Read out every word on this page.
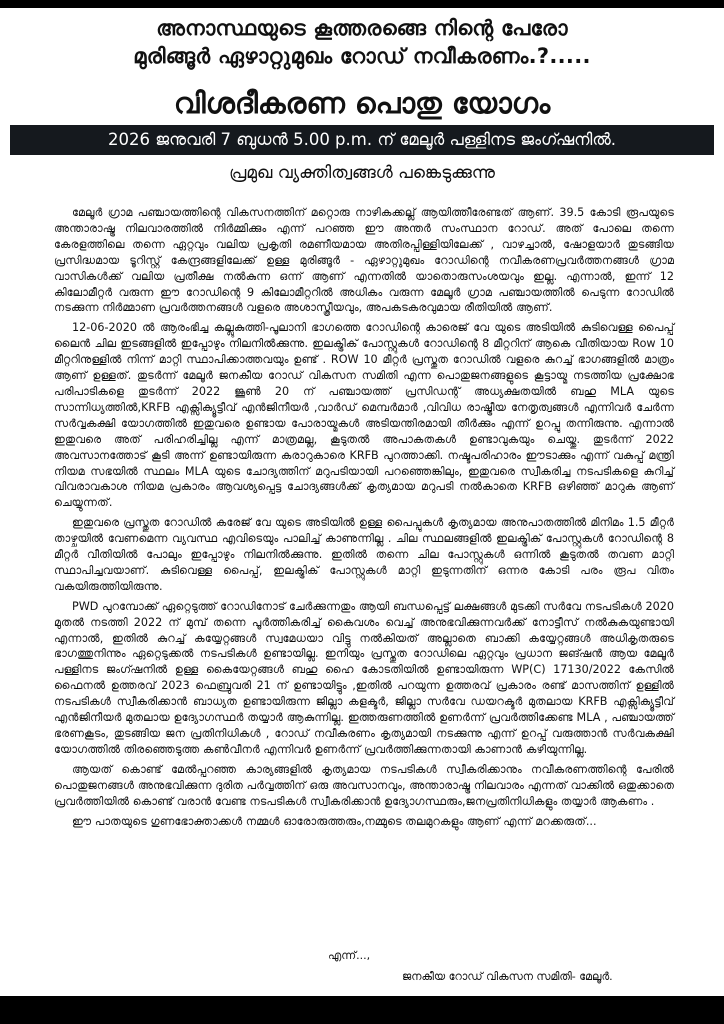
അനാസ്ഥയുടെ കൂത്തരങ്ങെ നിന്റെ പേരോ
മുരിങ്ങൂർ ഏഴാറ്റുമുഖം റോഡ് നവീകരണം.?.....
വിശദീകരണ പൊതു യോഗം
2026 ജനുവരി 7 ബുധൻ 5.00 p.m. ന് മേലൂർ പള്ളിനട ജംഗ്ഷനിൽ.
പ്രമുഖ വ്യക്തിത്വങ്ങൾ പങ്കെടുക്കുന്നു

മേലൂർ ഗ്രാമ പഞ്ചായത്തിന്റെ വികസനത്തിന് മറ്റൊരു നാഴികക്കല്ല് ആയിത്തീരേണ്ടത് ആണ്. 39.5 കോടി രൂപയുടെ അന്താരാഷ്ട്ര നിലവാരത്തിൽ നിർമ്മിക്കും എന്ന് പറഞ്ഞ ഈ അന്തർ സംസ്ഥാന റോഡ്. അത് പോലെ തന്നെ കേരളത്തിലെ തന്നെ ഏറ്റവും വലിയ പ്രകൃതി രമണീയമായ അതിരപ്പിള്ളിയിലേക്ക് , വാഴച്ചാൽ, ഷോളയാർ തുടങ്ങിയ പ്രസിദ്ധമായ ടൂറിസ്റ്റ് കേന്ദ്രങ്ങളിലേക്ക് ഉള്ള മുരിങ്ങൂർ - ഏഴാറ്റുമുഖം റോഡിന്റെ നവീകരണപ്രവർത്തനങ്ങൾ ഗ്രാമ വാസികൾക്ക് വലിയ പ്രതീക്ഷ നൽകുന്ന ഒന്ന് ആണ് എന്നതിൽ യാതൊരുസംശയവും ഇല്ല. എന്നാൽ, ഇന്ന് 12 കിലോമീറ്റർ വരുന്ന ഈ റോഡിന്റെ 9 കിലോമീറ്ററിൽ അധികം വരുന്ന മേലൂർ ഗ്രാമ പഞ്ചായത്തിൽ പെടുന്ന റോഡിൽ നടക്കുന്ന നിർമ്മാണ പ്രവർത്തനങ്ങൾ വളരെ അശാസ്ത്രീയവും, അപകടകരവുമായ രീതിയിൽ ആണ്.

12-06-2020 ൽ ആരംഭിച്ച കല്ലുകുത്തി-പൂലാനി ഭാഗത്തെ റോഡിന്റെ കാരെജ് വേ യുടെ അടിയിൽ കുടിവെള്ള പൈപ്പ് ലൈൻ ചില ഇടങ്ങളിൽ ഇപ്പോഴും നിലനിൽക്കുന്നു. ഇലക്ട്രിക് പോസ്റ്റുകൾ റോഡിന്റെ 8 മീറ്ററിന് ആകെ വീതിയായ Row 10 മീറ്ററിനുള്ളിൽ നിന്ന് മാറ്റി സ്ഥാപിക്കാത്തവയും ഉണ്ട് . ROW 10 മീറ്റർ പ്രസ്തുത റോഡിൽ വളരെ കുറച്ച് ഭാഗങ്ങളിൽ മാത്രം ആണ് ഉള്ളത്. തുടർന്ന് മേലൂർ ജനകീയ റോഡ് വികസന സമിതി എന്ന പൊതുജനങ്ങളുടെ കൂട്ടായ്മ നടത്തിയ പ്രക്ഷോഭ പരിപാടികളെ തുടർന്ന് 2022 ജൂൺ 20 ന് പഞ്ചായത്ത് പ്രസിഡന്റ് അധ്യക്ഷതയിൽ ബഹു MLA യുടെ സാന്നിധ്യത്തിൽ,KRFB എക്സിക്യൂട്ടീവ് എൻജിനീയർ ,വാർഡ് മെമ്പർമാർ ,വിവിധ രാഷ്ട്രീയ നേതൃത്വങ്ങൾ എന്നിവർ ചേർന്ന സർവ്വകക്ഷി യോഗത്തിൽ ഇതുവരെ ഉണ്ടായ പോരായ്മകൾ അടിയന്തിരമായി തീർക്കും എന്ന് ഉറപ്പു തന്നിരുന്നു. എന്നാൽ ഇതുവരെ അത് പരിഹരിച്ചില്ല എന്ന് മാത്രമല്ല, കൂടുതൽ അപാകതകൾ ഉണ്ടാവുകയും ചെയ്തു. തുടർന്ന് 2022 അവസാനത്തോട് കൂടി അന്ന് ഉണ്ടായിരുന്ന കരാറുകാരെ KRFB പുറത്താക്കി. നഷ്ടപരിഹാരം ഈടാക്കും എന്ന് വകുപ്പ് മന്ത്രി നിയമ സഭയിൽ സ്ഥലം MLA യുടെ ചോദ്യത്തിന് മറുപടിയായി പറഞ്ഞെങ്കിലും, ഇതുവരെ സ്വീകരിച്ച നടപടികളെ കുറിച്ച് വിവരാവകാശ നിയമ പ്രകാരം ആവശ്യപ്പെട്ട ചോദ്യങ്ങൾക്ക് കൃത്യമായ മറുപടി നൽകാതെ KRFB ഒഴിഞ്ഞ് മാറുക ആണ് ചെയ്യുന്നത്.

ഇതുവരെ പ്രസ്തുത റോഡിൽ കരേജ് വേ യുടെ അടിയിൽ ഉള്ള പൈപ്പുകൾ കൃത്യമായ അനുപാതത്തിൽ മിനിമം 1.5 മീറ്റർ താഴ്ചയിൽ വേണമെന്ന വ്യവസ്ഥ എവിടെയും പാലിച്ച് കാണുന്നില്ല . ചില സ്ഥലങ്ങളിൽ ഇലക്ട്രിക് പോസ്റ്റുകൾ റോഡിന്റെ 8 മീറ്റർ വീതിയിൽ പോലും ഇപ്പോഴും നിലനിൽക്കുന്നു. ഇതിൽ തന്നെ ചില പോസ്റ്റുകൾ ഒന്നിൽ കൂടുതൽ തവണ മാറ്റി സ്ഥാപിച്ചവയാണ്. കുടിവെള്ള പൈപ്പ്, ഇലക്ട്രിക് പോസ്റ്റുകൾ മാറ്റി ഇടുന്നതിന് ഒന്നര കോടി പരം രൂപ വിതം വകയിരുത്തിയിരുന്നു.

PWD പുറമ്പോക്ക് ഏറ്റെടുത്ത് റോഡിനോട് ചേർക്കുന്നതും ആയി ബന്ധപ്പെട്ട് ലക്ഷങ്ങൾ മുടക്കി സർവേ നടപടികൾ 2020 മുതൽ നടത്തി 2022 ന് മുമ്പ് തന്നെ പൂർത്തികരിച്ച് കൈവശം വെച്ച് അനുഭവിക്കുന്നവർക്ക് നോട്ടീസ് നൽകുകയുണ്ടായി എന്നാൽ, ഇതിൽ കുറച്ച് കയ്യേറ്റങ്ങൾ സ്വമേധയാ വിട്ടു നൽകിയത് അല്ലാതെ ബാക്കി കയ്യേറ്റങ്ങൾ അധികൃതരുടെ ഭാഗത്തുനിന്നും ഏറ്റെടുക്കൽ നടപടികൾ ഉണ്ടായില്ല. ഇനിയും പ്രസ്തുത റോഡിലെ ഏറ്റവും പ്രധാന ജങ്ഷൻ ആയ മേലൂർ പള്ളിനട ജംഗ്ഷനിൽ ഉള്ള കൈയേറ്റങ്ങൾ ബഹു ഹൈ കോടതിയിൽ ഉണ്ടായിരുന്ന WP(C) 17130/2022 കേസിൽ ഫൈനൽ ഉത്തരവ് 2023 ഫെബ്രുവരി 21 ന് ഉണ്ടായിട്ടും ,ഇതിൽ പറയുന്ന ഉത്തരവ് പ്രകാരം രണ്ട് മാസത്തിന് ഉള്ളിൽ നടപടികൾ സ്വീകരിക്കാൻ ബാധ്യത ഉണ്ടായിരുന്ന ജില്ലാ കളക്ടർ, ജില്ലാ സർവേ ഡയറക്ടർ മുതലായ KRFB എക്സിക്യൂട്ടീവ് എൻജിനീയർ മുതലായ ഉദ്യോഗസ്ഥർ തയ്യാർ ആകുന്നില്ല. ഇത്തരുണത്തിൽ ഉണർന്ന് പ്രവർത്തിക്കേണ്ട MLA , പഞ്ചായത്ത് ഭരണകൂടം, തുടങ്ങിയ ജന പ്രതിനിധികൾ , റോഡ് നവീകരണം കൃത്യമായി നടക്കുന്നു എന്ന് ഉറപ്പ് വരുത്താൻ സർവകക്ഷി യോഗത്തിൽ തിരഞ്ഞെടുത്ത കൺവീനർ എന്നിവർ ഉണർന്ന് പ്രവർത്തിക്കുന്നതായി കാണാൻ കഴിയുന്നില്ല.

ആയത് കൊണ്ട് മേൽപ്പറഞ്ഞ കാര്യങ്ങളിൽ കൃത്യമായ നടപടികൾ സ്വീകരിക്കാനും നവീകരണത്തിന്റെ പേരിൽ പൊതുജനങ്ങൾ അനുഭവിക്കുന്ന ദുരിത പർവ്വത്തിന് ഒരു അവസാനവും, അന്താരാഷ്ട്ര നിലവാരം എന്നത് വാക്കിൽ ഒതുക്കാതെ പ്രവർത്തിയിൽ കൊണ്ട് വരാൻ വേണ്ട നടപടികൾ സ്വീകരിക്കാൻ ഉദ്യോഗസ്ഥരും,ജനപ്രതിനിധികളും തയ്യാർ ആകണം .

ഈ പാതയുടെ ഗുണഭോക്താക്കൾ നമ്മൾ ഓരോരുത്തരും,നമ്മുടെ തലമുറകളും ആണ് എന്ന് മറക്കരുത്...

എന്ന്...,
ജനകീയ റോഡ് വികസന സമിതി- മേലൂർ.
